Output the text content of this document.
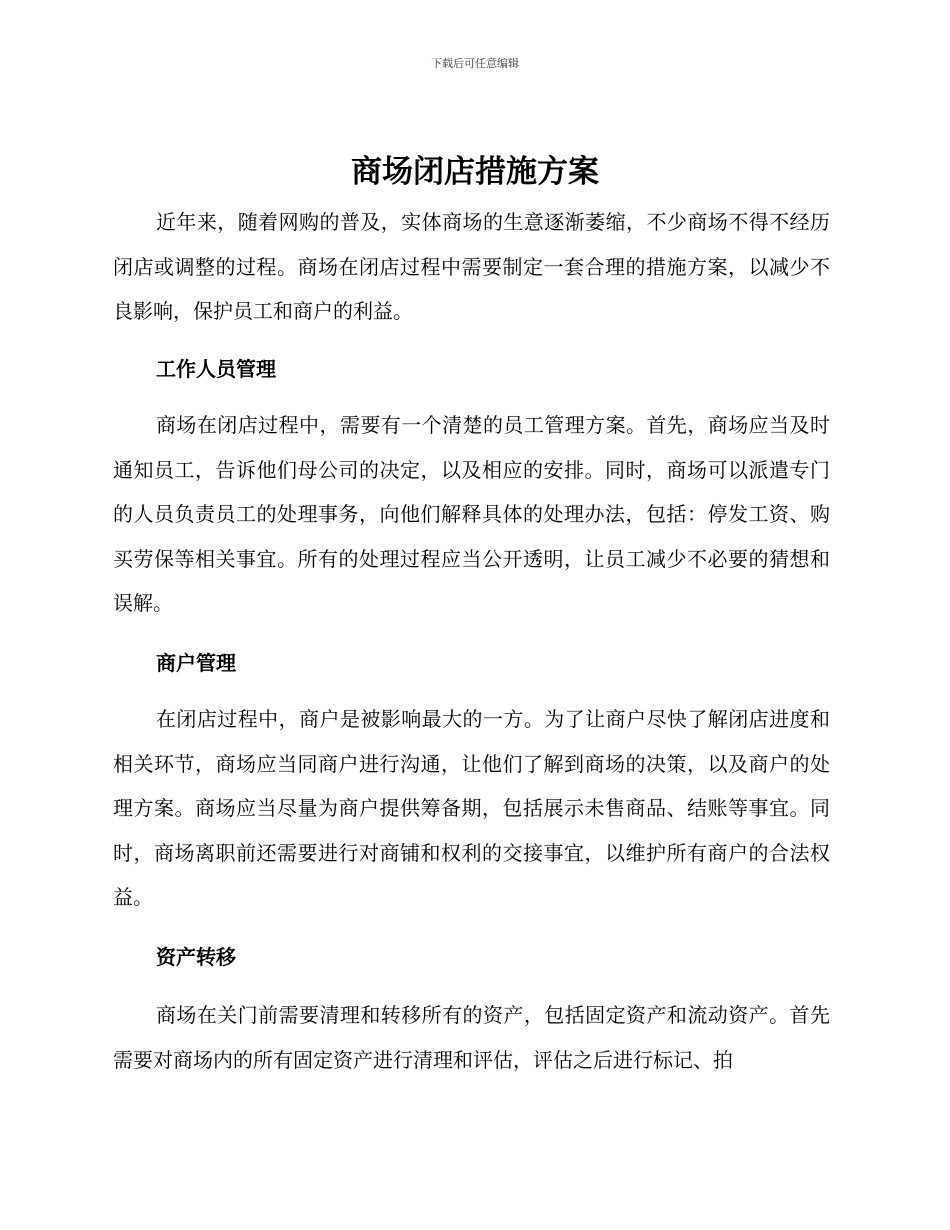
下载后可任意编辑
商场闭店措施方案

近年来，随着网购的普及，实体商场的生意逐渐萎缩，不少商场不得不经历闭店或调整的过程。商场在闭店过程中需要制定一套合理的措施方案，以减少不良影响，保护员工和商户的利益。

工作人员管理

商场在闭店过程中，需要有一个清楚的员工管理方案。首先，商场应当及时通知员工，告诉他们母公司的决定，以及相应的安排。同时，商场可以派遣专门的人员负责员工的处理事务，向他们解释具体的处理办法，包括：停发工资、购买劳保等相关事宜。所有的处理过程应当公开透明，让员工减少不必要的猜想和误解。

商户管理

在闭店过程中，商户是被影响最大的一方。为了让商户尽快了解闭店进度和相关环节，商场应当同商户进行沟通，让他们了解到商场的决策，以及商户的处理方案。商场应当尽量为商户提供筹备期，包括展示未售商品、结账等事宜。同时，商场离职前还需要进行对商铺和权利的交接事宜，以维护所有商户的合法权益。

资产转移

商场在关门前需要清理和转移所有的资产，包括固定资产和流动资产。首先需要对商场内的所有固定资产进行清理和评估，评估之后进行标记、拍
